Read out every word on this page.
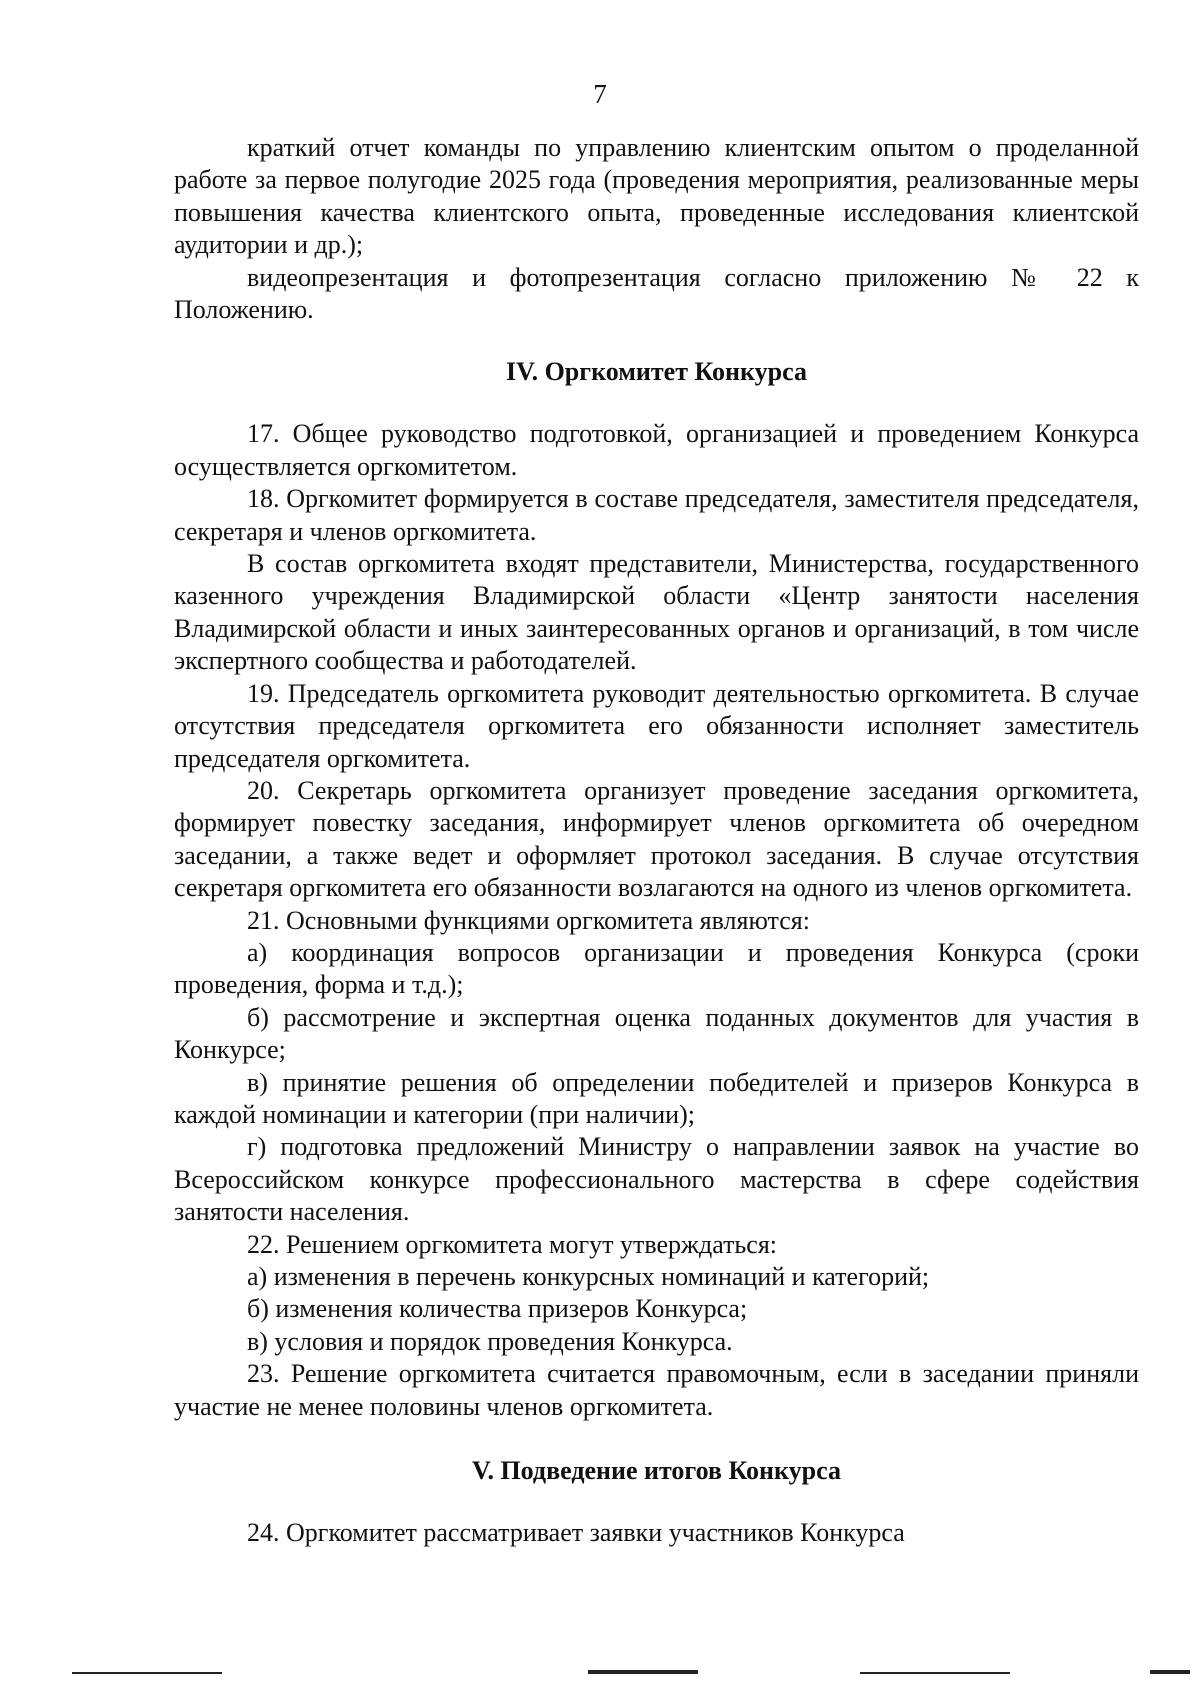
7

краткий отчет команды по управлению клиентским опытом о проделанной работе за первое полугодие 2025 года (проведения мероприятия, реализованные меры повышения качества клиентского опыта, проведенные исследования клиентской аудитории и др.);

видеопрезентация и фотопрезентация согласно приложению № 22 к Положению.

IV. Оргкомитет Конкурса

17. Общее руководство подготовкой, организацией и проведением Конкурса осуществляется оргкомитетом.

18. Оргкомитет формируется в составе председателя, заместителя председателя, секретаря и членов оргкомитета.

В состав оргкомитета входят представители, Министерства, государственного казенного учреждения Владимирской области «Центр занятости населения Владимирской области и иных заинтересованных органов и организаций, в том числе экспертного сообщества и работодателей.

19. Председатель оргкомитета руководит деятельностью оргкомитета. В случае отсутствия председателя оргкомитета его обязанности исполняет заместитель председателя оргкомитета.

20. Секретарь оргкомитета организует проведение заседания оргкомитета, формирует повестку заседания, информирует членов оргкомитета об очередном заседании, а также ведет и оформляет протокол заседания. В случае отсутствия секретаря оргкомитета его обязанности возлагаются на одного из членов оргкомитета.

21. Основными функциями оргкомитета являются:

а) координация вопросов организации и проведения Конкурса (сроки проведения, форма и т.д.);

б) рассмотрение и экспертная оценка поданных документов для участия в Конкурсе;

в) принятие решения об определении победителей и призеров Конкурса в каждой номинации и категории (при наличии);

г) подготовка предложений Министру о направлении заявок на участие во Всероссийском конкурсе профессионального мастерства в сфере содействия занятости населения.

22. Решением оргкомитета могут утверждаться:

а) изменения в перечень конкурсных номинаций и категорий;

б) изменения количества призеров Конкурса;

в) условия и порядок проведения Конкурса.

23. Решение оргкомитета считается правомочным, если в заседании приняли участие не менее половины членов оргкомитета.

V. Подведение итогов Конкурса

24. Оргкомитет рассматривает заявки участников Конкурса
